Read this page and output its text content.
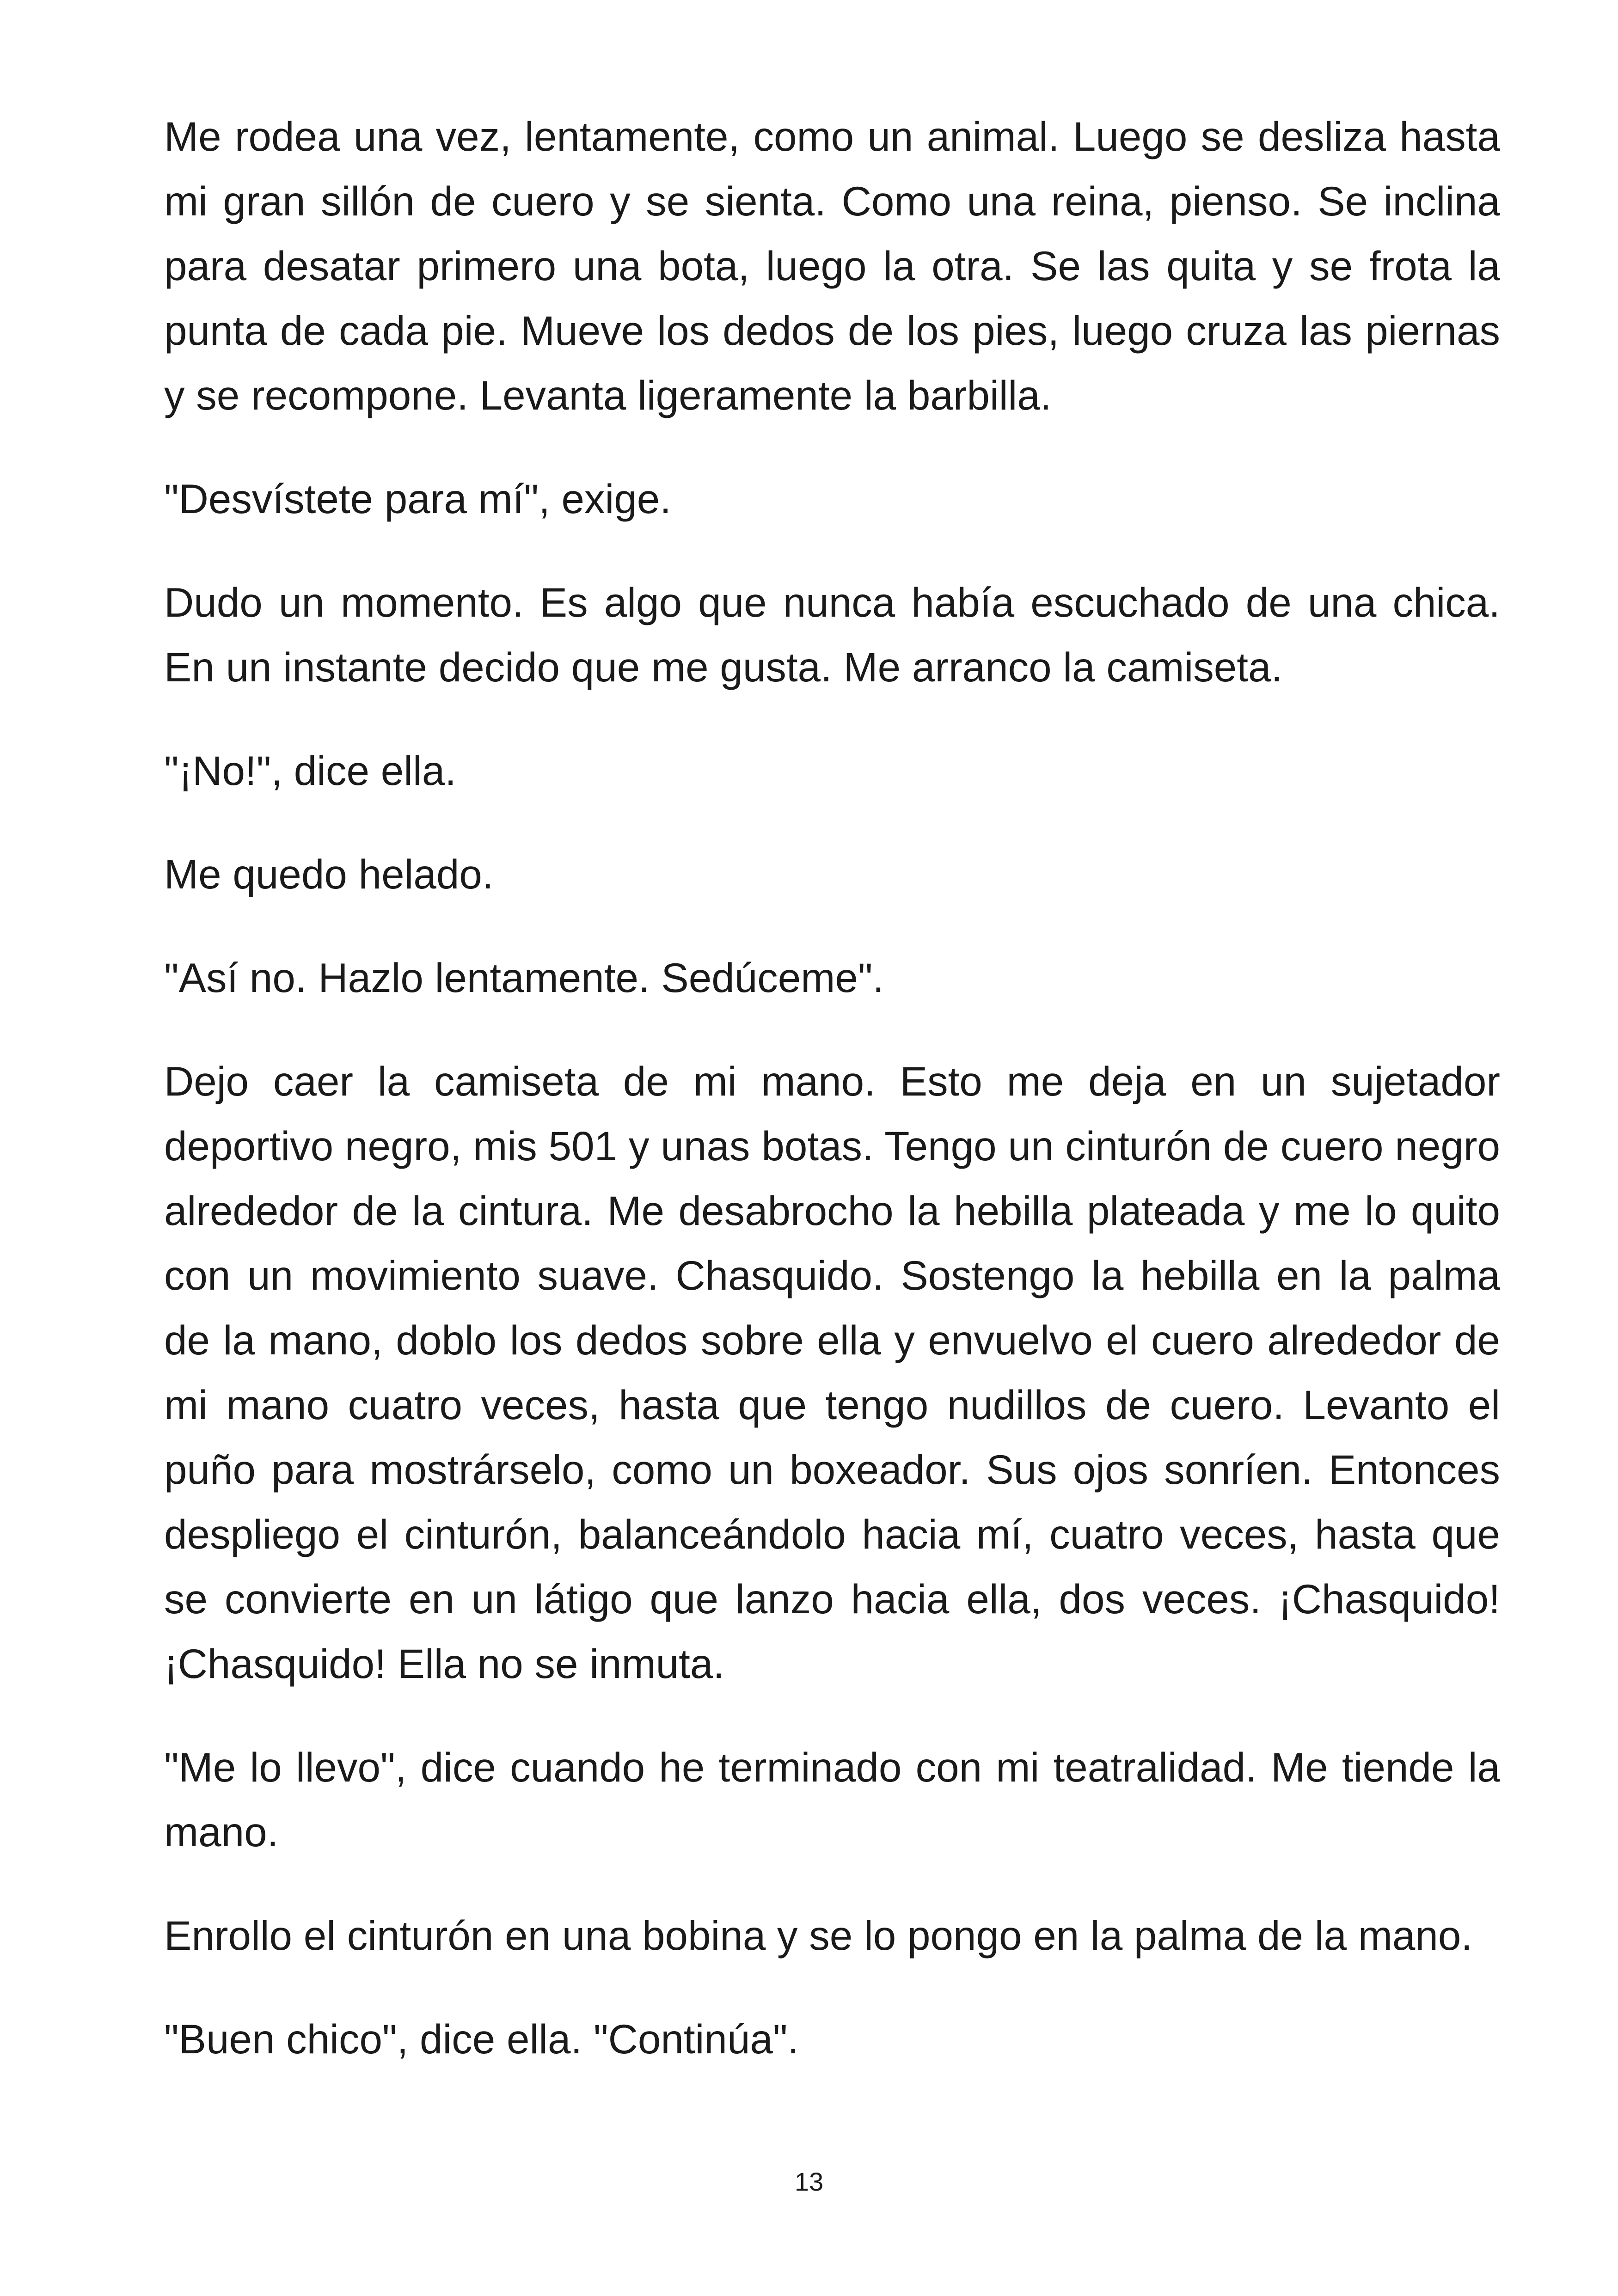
Me rodea una vez, lentamente, como un animal. Luego se desliza hasta mi gran sillón de cuero y se sienta. Como una reina, pienso. Se inclina para desatar primero una bota, luego la otra. Se las quita y se frota la punta de cada pie. Mueve los dedos de los pies, luego cruza las piernas y se recompone. Levanta ligeramente la barbilla.

"Desvístete para mí", exige.

Dudo un momento. Es algo que nunca había escuchado de una chica. En un instante decido que me gusta. Me arranco la camiseta.

"¡No!", dice ella.

Me quedo helado.

"Así no. Hazlo lentamente. Sedúceme".

Dejo caer la camiseta de mi mano. Esto me deja en un sujetador deportivo negro, mis 501 y unas botas. Tengo un cinturón de cuero negro alrededor de la cintura. Me desabrocho la hebilla plateada y me lo quito con un movimiento suave. Chasquido. Sostengo la hebilla en la palma de la mano, doblo los dedos sobre ella y envuelvo el cuero alrededor de mi mano cuatro veces, hasta que tengo nudillos de cuero. Levanto el puño para mostrárselo, como un boxeador. Sus ojos sonríen. Entonces despliego el cinturón, balanceándolo hacia mí, cuatro veces, hasta que se convierte en un látigo que lanzo hacia ella, dos veces. ¡Chasquido! ¡Chasquido! Ella no se inmuta.

"Me lo llevo", dice cuando he terminado con mi teatralidad. Me tiende la mano.

Enrollo el cinturón en una bobina y se lo pongo en la palma de la mano.

"Buen chico", dice ella. "Continúa".

13
